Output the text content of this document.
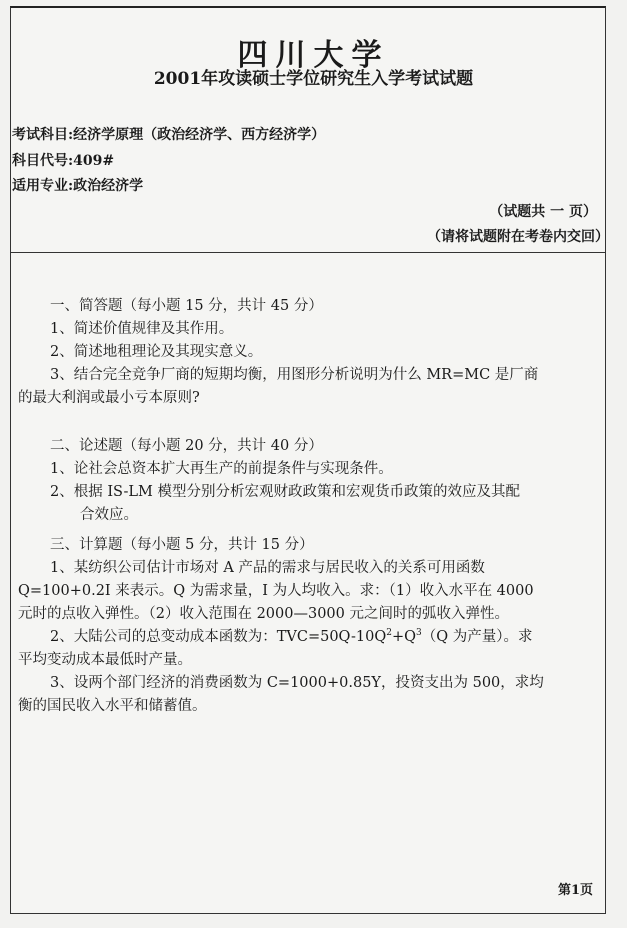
四川大学
2001年攻读硕士学位研究生入学考试试题
考试科目:经济学原理（政治经济学、西方经济学）
科目代号:409#
适用专业:政治经济学
（试题共 一 页）
（请将试题附在考卷内交回）
一、简答题（每小题 15 分，共计 45 分）
1、简述价值规律及其作用。
2、简述地租理论及其现实意义。
3、结合完全竞争厂商的短期均衡，用图形分析说明为什么 MR=MC 是厂商
的最大利润或最小亏本原则?
二、论述题（每小题 20 分，共计 40 分）
1、论社会总资本扩大再生产的前提条件与实现条件。
2、根据 IS-LM 模型分别分析宏观财政政策和宏观货币政策的效应及其配
合效应。
三、计算题（每小题 5 分，共计 15 分）
1、某纺织公司估计市场对 A 产品的需求与居民收入的关系可用函数
Q=100+0.2I 来表示。Q 为需求量，I 为人均收入。求：（1）收入水平在 4000
元时的点收入弹性。（2）收入范围在 2000—3000 元之间时的弧收入弹性。
2、大陆公司的总变动成本函数为：$TVC=50Q-10Q^2+Q^3(Q$ 为产量）。求
平均变动成本最低时产量。
3、设两个部门经济的消费函数为 C=1000+0.85Y，投资支出为 500，求均
衡的国民收入水平和储蓄值。
第1页
